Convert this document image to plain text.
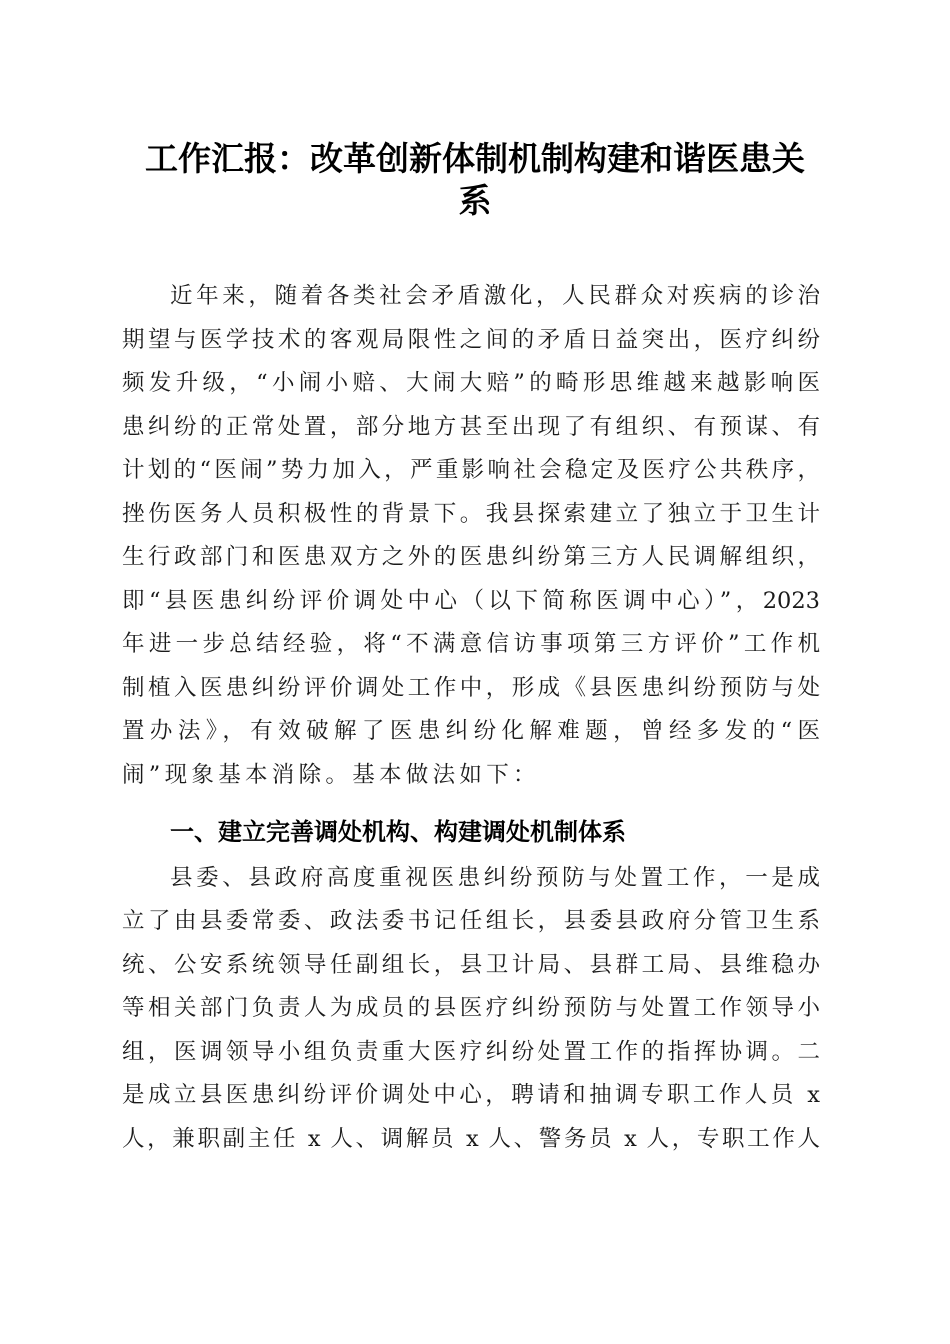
工作汇报：改革创新体制机制构建和谐医患关
系
近年来，随着各类社会矛盾激化，人民群众对疾病的诊治
期望与医学技术的客观局限性之间的矛盾日益突出，医疗纠纷
频发升级，“小闹小赔、大闹大赔”的畸形思维越来越影响医
患纠纷的正常处置，部分地方甚至出现了有组织、有预谋、有
计划的“医闹”势力加入，严重影响社会稳定及医疗公共秩序，
挫伤医务人员积极性的背景下。我县探索建立了独立于卫生计
生行政部门和医患双方之外的医患纠纷第三方人民调解组织，
即“县医患纠纷评价调处中心（以下简称医调中心）”，2023
年进一步总结经验，将“不满意信访事项第三方评价”工作机
制植入医患纠纷评价调处工作中，形成《县医患纠纷预防与处
置办法》，有效破解了医患纠纷化解难题，曾经多发的“医
闹”现象基本消除。基本做法如下：
一、建立完善调处机构、构建调处机制体系
县委、县政府高度重视医患纠纷预防与处置工作，一是成
立了由县委常委、政法委书记任组长，县委县政府分管卫生系
统、公安系统领导任副组长，县卫计局、县群工局、县维稳办
等相关部门负责人为成员的县医疗纠纷预防与处置工作领导小
组，医调领导小组负责重大医疗纠纷处置工作的指挥协调。二
是成立县医患纠纷评价调处中心，聘请和抽调专职工作人员 x
人，兼职副主任 x 人、调解员 x 人、警务员 x 人，专职工作人
